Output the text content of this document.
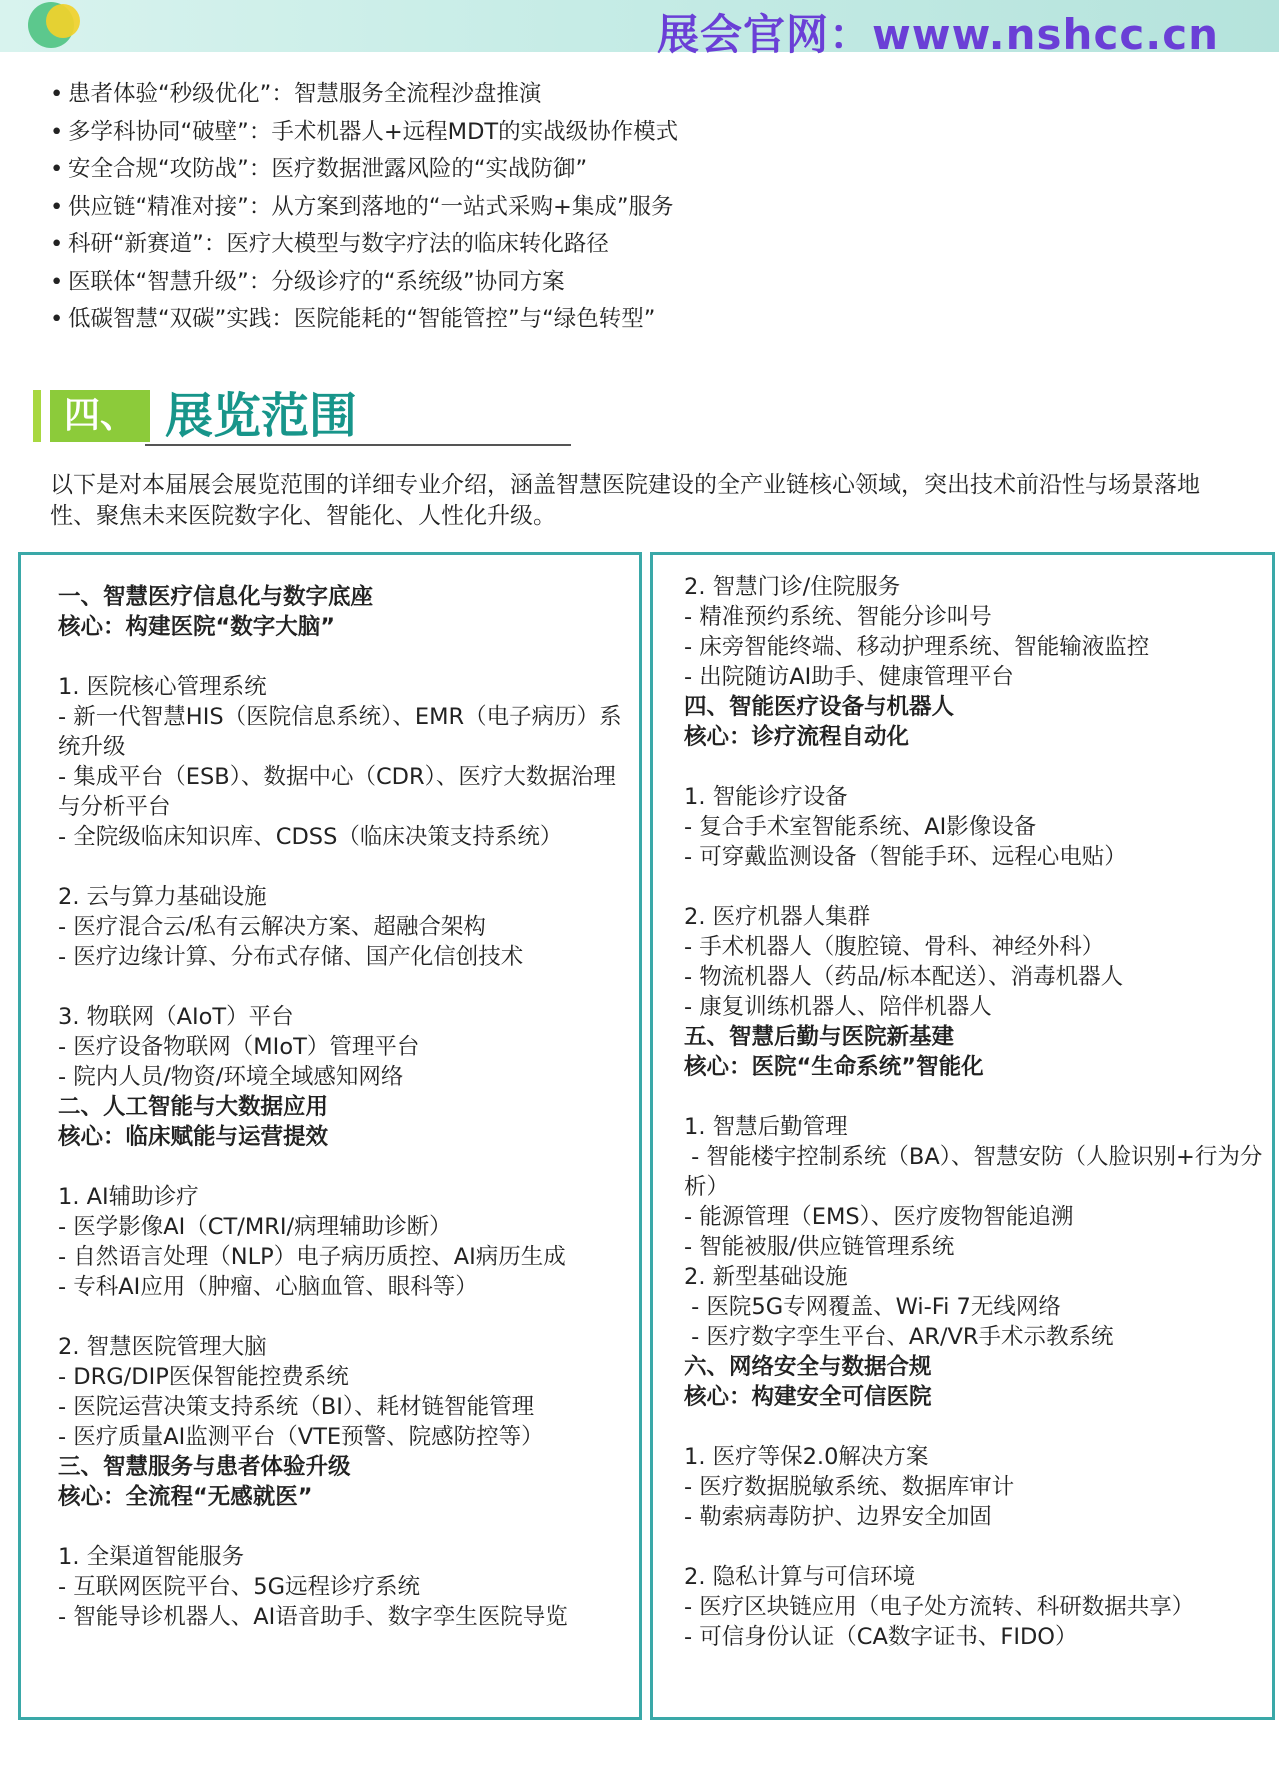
展会官网：www.nshcc.cn
• 患者体验“秒级优化”：智慧服务全流程沙盘推演
• 多学科协同“破壁”：手术机器人+远程MDT的实战级协作模式
• 安全合规“攻防战”：医疗数据泄露风险的“实战防御”
• 供应链“精准对接”：从方案到落地的“一站式采购+集成”服务
• 科研“新赛道”：医疗大模型与数字疗法的临床转化路径
• 医联体“智慧升级”：分级诊疗的“系统级”协同方案
• 低碳智慧“双碳”实践：医院能耗的“智能管控”与“绿色转型”
四、 展览范围
以下是对本届展会展览范围的详细专业介绍，涵盖智慧医院建设的全产业链核心领域，突出技术前沿性与场景落地性、聚焦未来医院数字化、智能化、人性化升级。
一、智慧医疗信息化与数字底座
核心：构建医院“数字大脑”
1. 医院核心管理系统
- 新一代智慧HIS（医院信息系统）、EMR（电子病历）系统升级
- 集成平台（ESB）、数据中心（CDR）、医疗大数据治理与分析平台
- 全院级临床知识库、CDSS（临床决策支持系统）
2. 云与算力基础设施
- 医疗混合云/私有云解决方案、超融合架构
- 医疗边缘计算、分布式存储、国产化信创技术
3. 物联网（AIoT）平台
- 医疗设备物联网（MIoT）管理平台
- 院内人员/物资/环境全域感知网络
二、人工智能与大数据应用
核心：临床赋能与运营提效
1. AI辅助诊疗
- 医学影像AI（CT/MRI/病理辅助诊断）
- 自然语言处理（NLP）电子病历质控、AI病历生成
- 专科AI应用（肿瘤、心脑血管、眼科等）
2. 智慧医院管理大脑
- DRG/DIP医保智能控费系统
- 医院运营决策支持系统（BI）、耗材链智能管理
- 医疗质量AI监测平台（VTE预警、院感防控等）
三、智慧服务与患者体验升级
核心：全流程“无感就医”
1. 全渠道智能服务
- 互联网医院平台、5G远程诊疗系统
- 智能导诊机器人、AI语音助手、数字孪生医院导览
2. 智慧门诊/住院服务
- 精准预约系统、智能分诊叫号
- 床旁智能终端、移动护理系统、智能输液监控
- 出院随访AI助手、健康管理平台
四、智能医疗设备与机器人
核心：诊疗流程自动化
1. 智能诊疗设备
- 复合手术室智能系统、AI影像设备
- 可穿戴监测设备（智能手环、远程心电贴）
2. 医疗机器人集群
- 手术机器人（腹腔镜、骨科、神经外科）
- 物流机器人（药品/标本配送）、消毒机器人
- 康复训练机器人、陪伴机器人
五、智慧后勤与医院新基建
核心：医院“生命系统”智能化
1. 智慧后勤管理
- 智能楼宇控制系统（BA）、智慧安防（人脸识别+行为分析）
- 能源管理（EMS）、医疗废物智能追溯
- 智能被服/供应链管理系统
2. 新型基础设施
- 医院5G专网覆盖、Wi-Fi 7无线网络
- 医疗数字孪生平台、AR/VR手术示教系统
六、网络安全与数据合规
核心：构建安全可信医院
1. 医疗等保2.0解决方案
- 医疗数据脱敏系统、数据库审计
- 勒索病毒防护、边界安全加固
2. 隐私计算与可信环境
- 医疗区块链应用（电子处方流转、科研数据共享）
- 可信身份认证（CA数字证书、FIDO）
